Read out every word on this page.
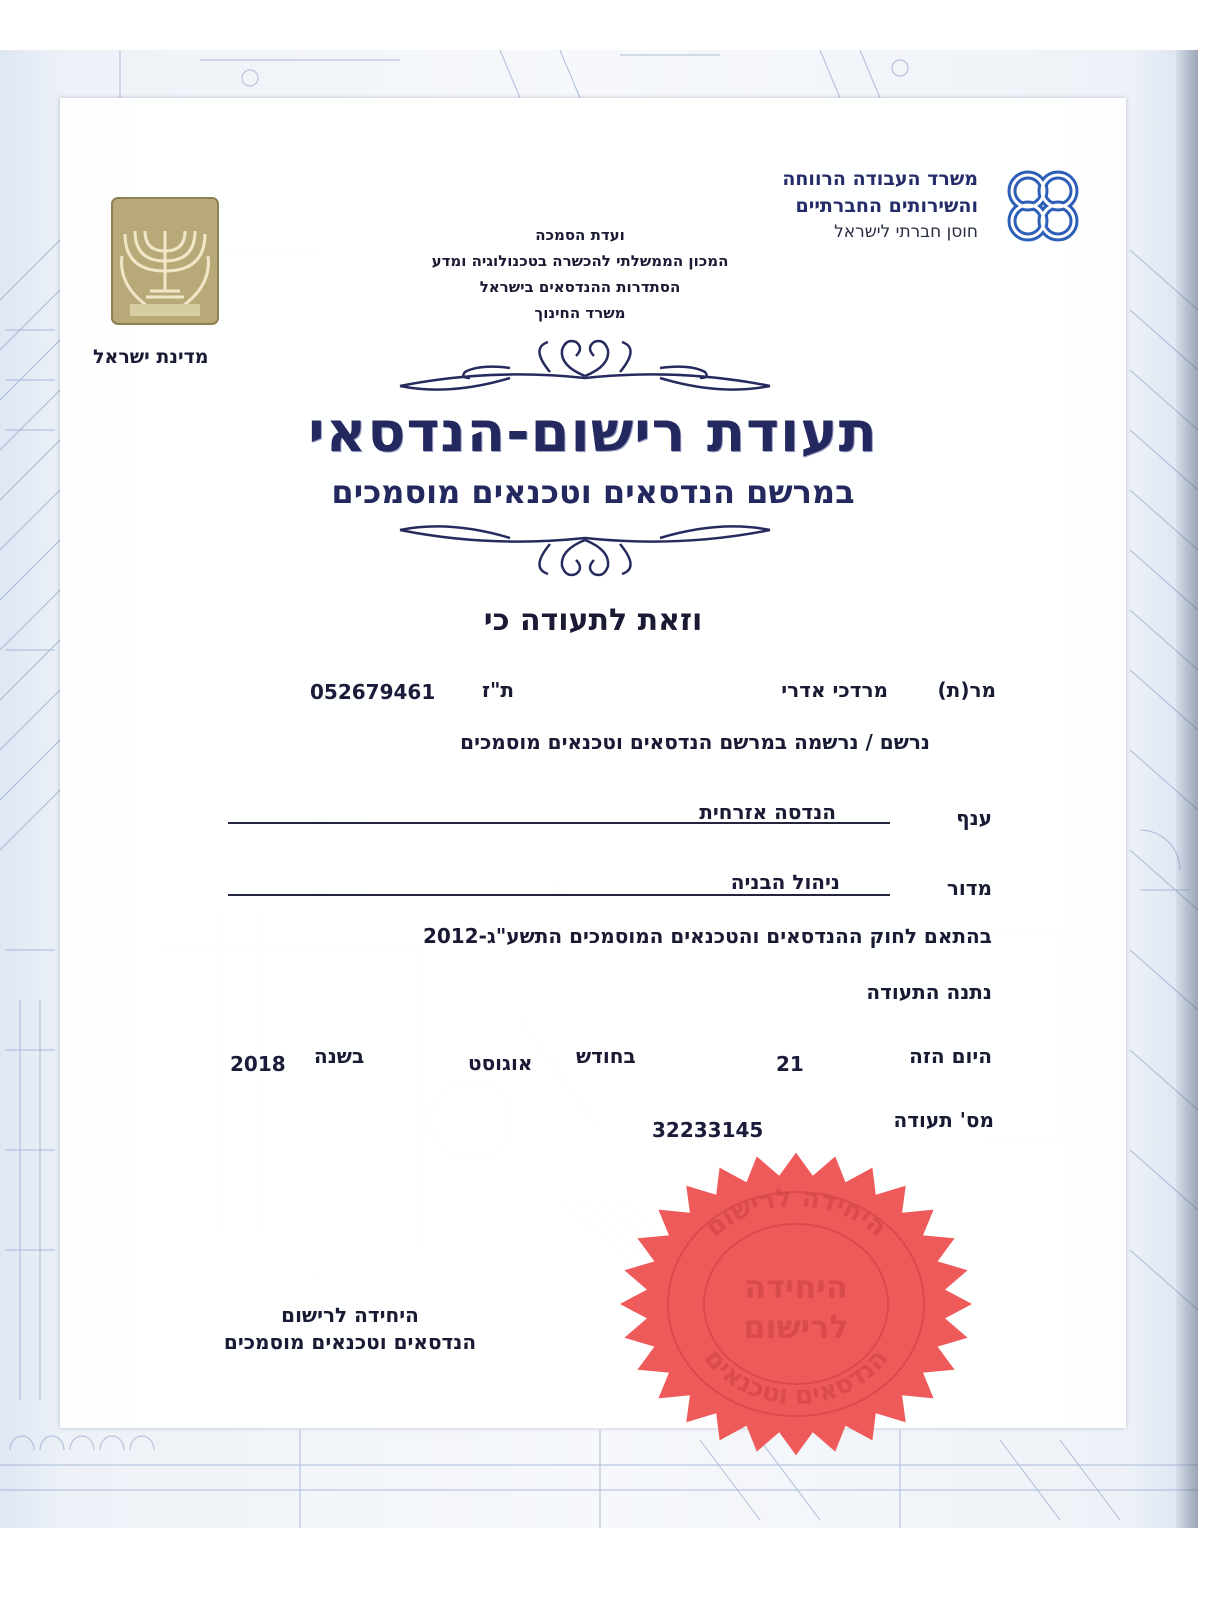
משרד העבודה הרווחה
והשירותים החברתיים
חוסן חברתי לישראל
מדינת ישראל
ועדת הסמכה
המכון הממשלתי להכשרה בטכנולוגיה ומדע
הסתדרות ההנדסאים בישראל
משרד החינוך
תעודת רישום-הנדסאי
במרשם הנדסאים וטכנאים מוסמכים
וזאת לתעודה כי
מר(ת)
מרדכי אדרי
ת"ז
052679461
נרשם / נרשמה במרשם הנדסאים וטכנאים מוסמכים
ענף
הנדסה אזרחית
מדור
ניהול הבניה
בהתאם לחוק ההנדסאים והטכנאים המוסמכים התשע"ג-2012
נתנה התעודה
היום הזה
21
בחודש
אוגוסט
בשנה
2018
מס' תעודה
32233145
היחידה לרישום
הנדסאים וטכנאים
היחידה
לרישום
היחידה לרישום
הנדסאים וטכנאים מוסמכים
